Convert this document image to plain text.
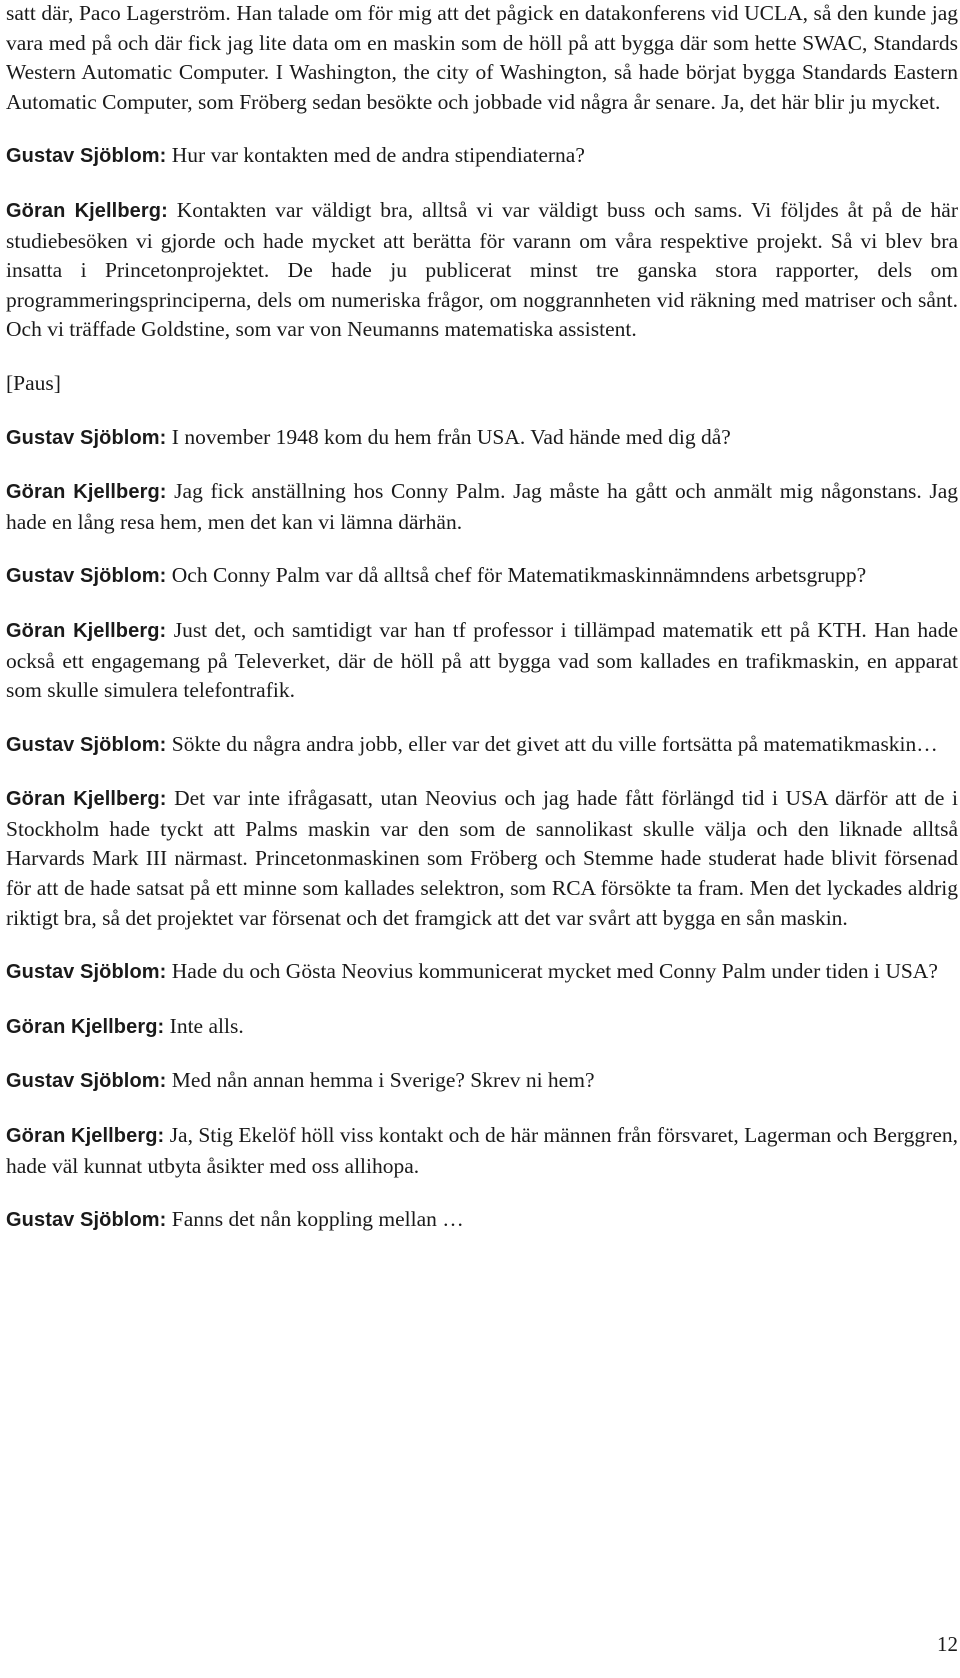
satt där, Paco Lagerström. Han talade om för mig att det pågick en datakonferens vid UCLA, så den kunde jag vara med på och där fick jag lite data om en maskin som de höll på att bygga där som hette SWAC, Standards Western Automatic Computer. I Washington, the city of Washington, så hade börjat bygga Standards Eastern Automatic Computer, som Fröberg sedan besökte och jobbade vid några år senare. Ja, det här blir ju mycket.

Gustav Sjöblom: Hur var kontakten med de andra stipendiaterna?

Göran Kjellberg: Kontakten var väldigt bra, alltså vi var väldigt buss och sams. Vi följdes åt på de här studiebesöken vi gjorde och hade mycket att berätta för varann om våra respektive projekt. Så vi blev bra insatta i Princetonprojektet. De hade ju publicerat minst tre ganska stora rapporter, dels om programmeringsprinciperna, dels om numeriska frågor, om noggrannheten vid räkning med matriser och sånt. Och vi träffade Goldstine, som var von Neumanns matematiska assistent.

[Paus]

Gustav Sjöblom: I november 1948 kom du hem från USA. Vad hände med dig då?

Göran Kjellberg: Jag fick anställning hos Conny Palm. Jag måste ha gått och anmält mig någonstans. Jag hade en lång resa hem, men det kan vi lämna därhän.

Gustav Sjöblom: Och Conny Palm var då alltså chef för Matematikmaskinnämndens arbetsgrupp?

Göran Kjellberg: Just det, och samtidigt var han tf professor i tillämpad matematik ett på KTH. Han hade också ett engagemang på Televerket, där de höll på att bygga vad som kallades en trafikmaskin, en apparat som skulle simulera telefontrafik.

Gustav Sjöblom: Sökte du några andra jobb, eller var det givet att du ville fortsätta på matematikmaskin…

Göran Kjellberg: Det var inte ifrågasatt, utan Neovius och jag hade fått förlängd tid i USA därför att de i Stockholm hade tyckt att Palms maskin var den som de sannolikast skulle välja och den liknade alltså Harvards Mark III närmast. Princetonmaskinen som Fröberg och Stemme hade studerat hade blivit försenad för att de hade satsat på ett minne som kallades selektron, som RCA försökte ta fram. Men det lyckades aldrig riktigt bra, så det projektet var försenat och det framgick att det var svårt att bygga en sån maskin.

Gustav Sjöblom: Hade du och Gösta Neovius kommunicerat mycket med Conny Palm under tiden i USA?

Göran Kjellberg: Inte alls.

Gustav Sjöblom: Med nån annan hemma i Sverige? Skrev ni hem?

Göran Kjellberg: Ja, Stig Ekelöf höll viss kontakt och de här männen från försvaret, Lagerman och Berggren, hade väl kunnat utbyta åsikter med oss allihopa.

Gustav Sjöblom: Fanns det nån koppling mellan …

12
